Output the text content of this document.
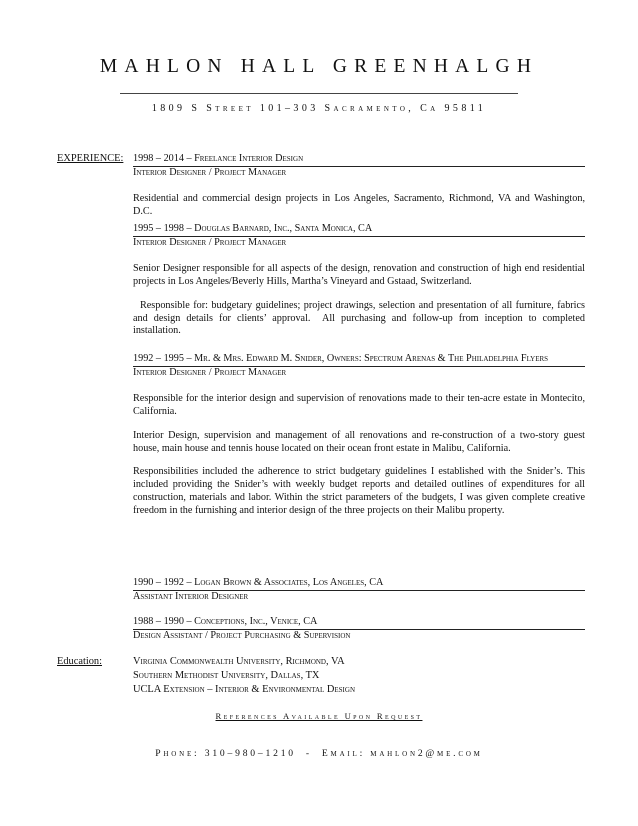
MAHLON HALL GREENHALGH
1809 S Street 101–303 Sacramento, Ca 95811
EXPERIENCE: 1998 – 2014 – Freelance Interior Design
Interior Designer / Project Manager
Residential and commercial design projects in Los Angeles, Sacramento, Richmond, VA and Washington, D.C.
1995 – 1998 – Douglas Barnard, Inc., Santa Monica, CA
Interior Designer / Project Manager
Senior Designer responsible for all aspects of the design, renovation and construction of high end residential projects in Los Angeles/Beverly Hills, Martha’s Vineyard and Gstaad, Switzerland.
Responsible for: budgetary guidelines; project drawings, selection and presentation of all furniture, fabrics and design details for clients’ approval.  All purchasing and follow-up from inception to completed installation.
1992 – 1995 – Mr. & Mrs. Edward M. Snider, Owners: Spectrum Arenas & The Philadelphia Flyers
Interior Designer / Project Manager
Responsible for the interior design and supervision of renovations made to their ten-acre estate in Montecito, California.
Interior Design, supervision and management of all renovations and re-construction of a two-story guest house, main house and tennis house located on their ocean front estate in Malibu, California.
Responsibilities included the adherence to strict budgetary guidelines I established with the Snider’s. This included providing the Snider’s with weekly budget reports and detailed outlines of expenditures for all construction, materials and labor. Within the strict parameters of the budgets, I was given complete creative freedom in the furnishing and interior design of the three projects on their Malibu property.
1990 – 1992 – Logan Brown & Associates, Los Angeles, CA
Assistant Interior Designer
1988 – 1990 – Conceptions, Inc., Venice, CA
Design Assistant / Project Purchasing & Supervision
Education:	Virginia Commonwealth University, Richmond, VA
Southern Methodist University, Dallas, TX
UCLA Extension – Interior & Environmental Design
References Available Upon Request
Phone: 310–980–1210 - Email: mahlon2@me.com
